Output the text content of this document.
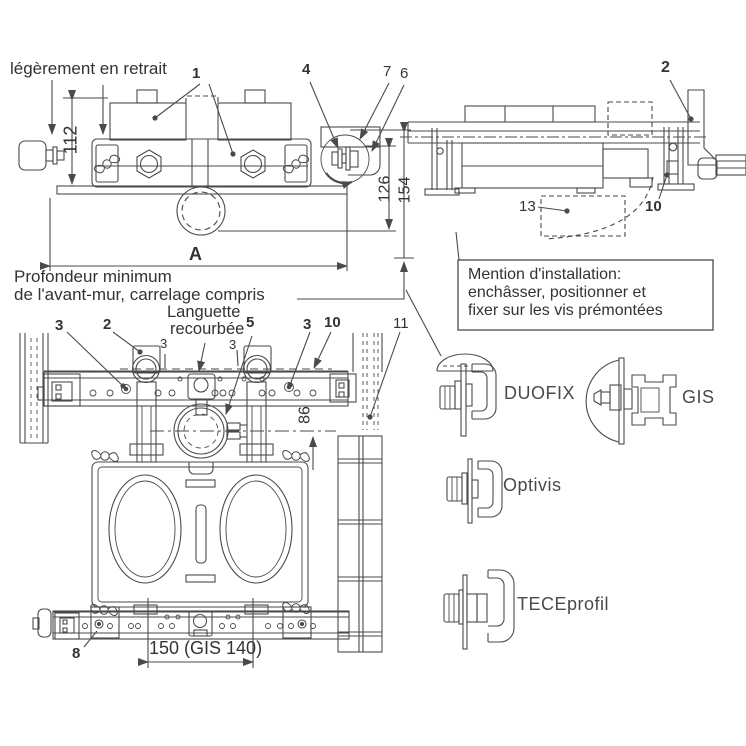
légèrement en retrait 1	4	7 6	2
13	10
112
126 154
A
Profondeur minimum
de l'avant-mur, carrelage compris
Languette
recourbée
Mention d'installation:
enchâsser, positionner et
fixer sur les vis prémontées
3	2
3	3
5	3 10	11
86
8	150 (GIS 140)
DUOFIX	GIS
Optivis
TECEprofil
